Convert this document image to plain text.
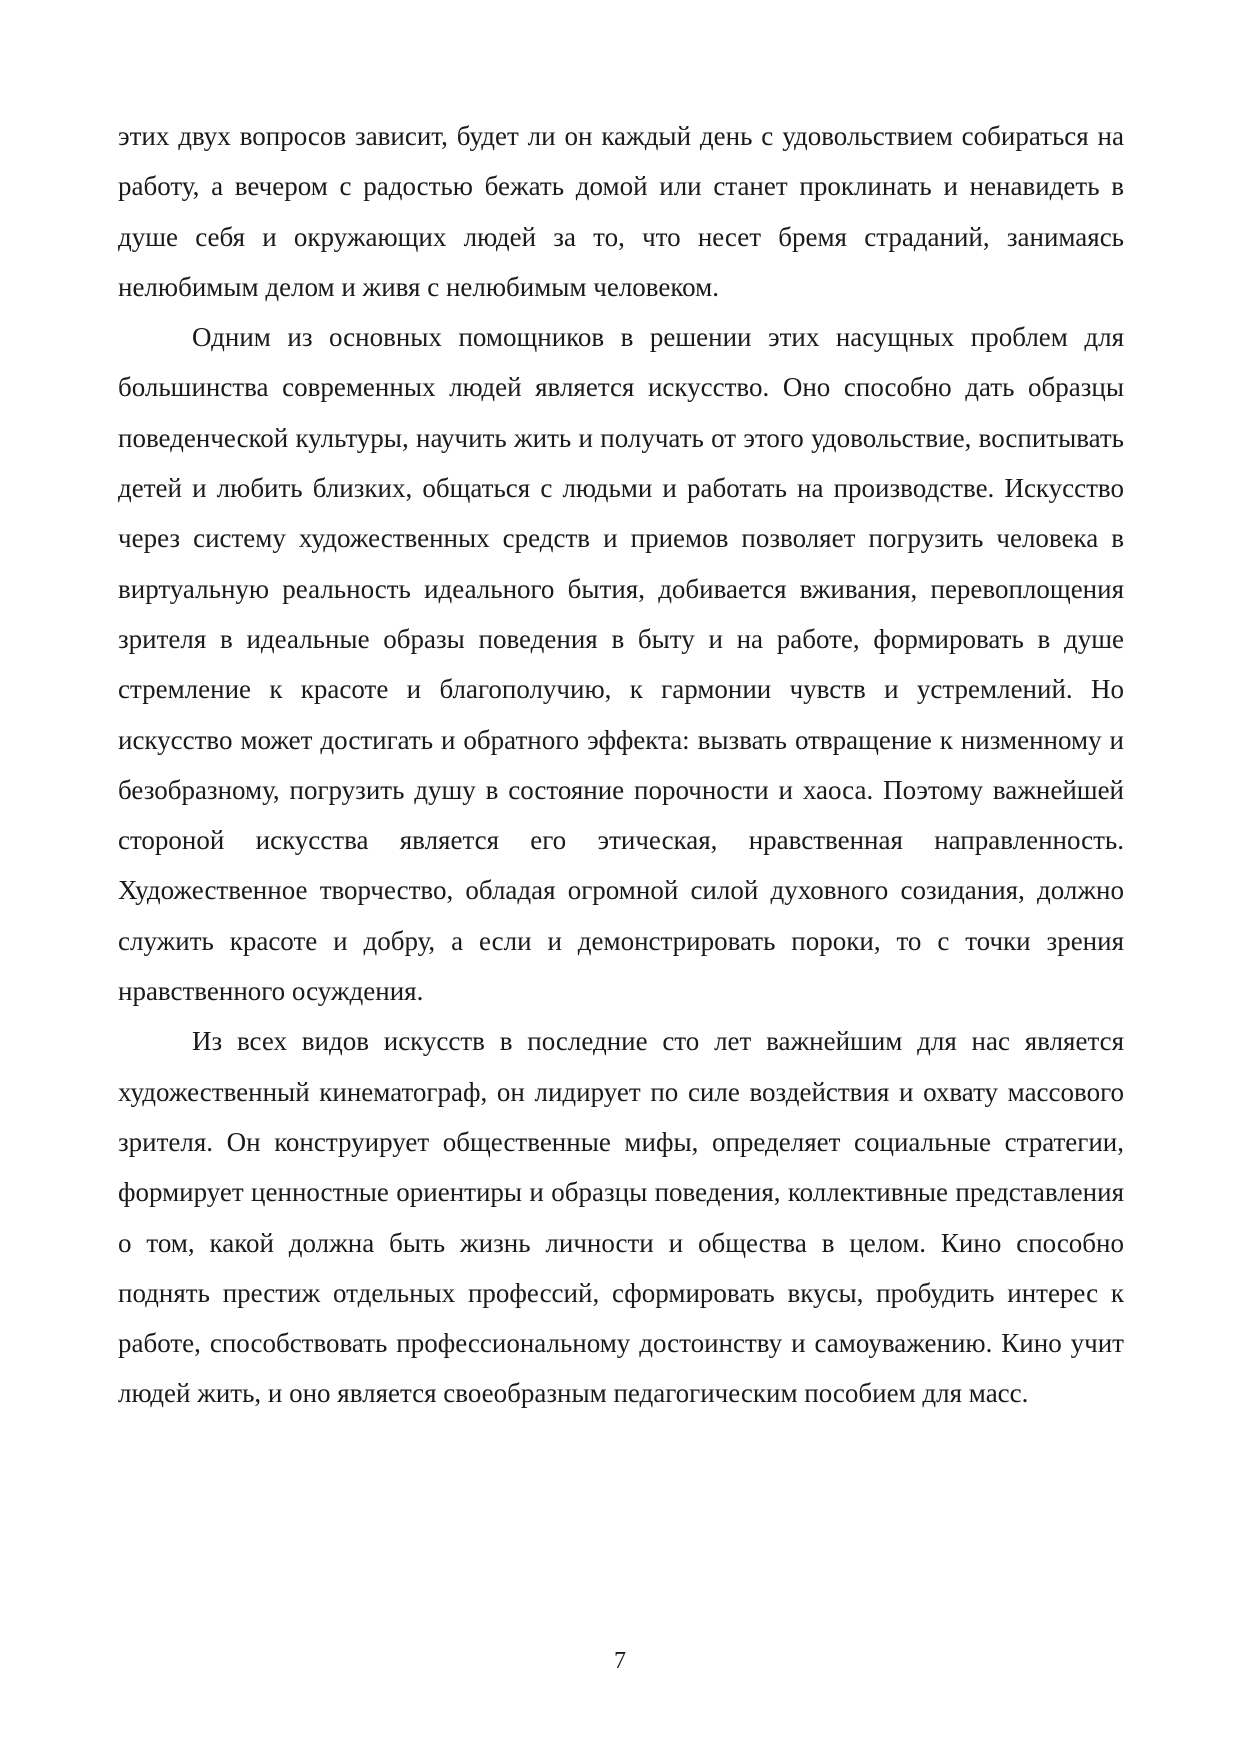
этих двух вопросов зависит, будет ли он каждый день с удовольствием собираться на работу, а вечером с радостью бежать домой или станет проклинать и ненавидеть в душе себя и окружающих людей за то, что несет бремя страданий, занимаясь нелюбимым делом и живя с нелюбимым человеком.

Одним из основных помощников в решении этих насущных проблем для большинства современных людей является искусство. Оно способно дать образцы поведенческой культуры, научить жить и получать от этого удовольствие, воспитывать детей и любить близких, общаться с людьми и работать на производстве. Искусство через систему художественных средств и приемов позволяет погрузить человека в виртуальную реальность идеального бытия, добивается вживания, перевоплощения зрителя в идеальные образы поведения в быту и на работе, формировать в душе стремление к красоте и благополучию, к гармонии чувств и устремлений. Но искусство может достигать и обратного эффекта: вызвать отвращение к низменному и безобразному, погрузить душу в состояние порочности и хаоса. Поэтому важнейшей стороной искусства является его этическая, нравственная направленность. Художественное творчество, обладая огромной силой духовного созидания, должно служить красоте и добру, а если и демонстрировать пороки, то с точки зрения нравственного осуждения.

Из всех видов искусств в последние сто лет важнейшим для нас является художественный кинематограф, он лидирует по силе воздействия и охвату массового зрителя. Он конструирует общественные мифы, определяет социальные стратегии, формирует ценностные ориентиры и образцы поведения, коллективные представления о том, какой должна быть жизнь личности и общества в целом. Кино способно поднять престиж отдельных профессий, сформировать вкусы, пробудить интерес к работе, способствовать профессиональному достоинству и самоуважению. Кино учит людей жить, и оно является своеобразным педагогическим пособием для масс.

7
